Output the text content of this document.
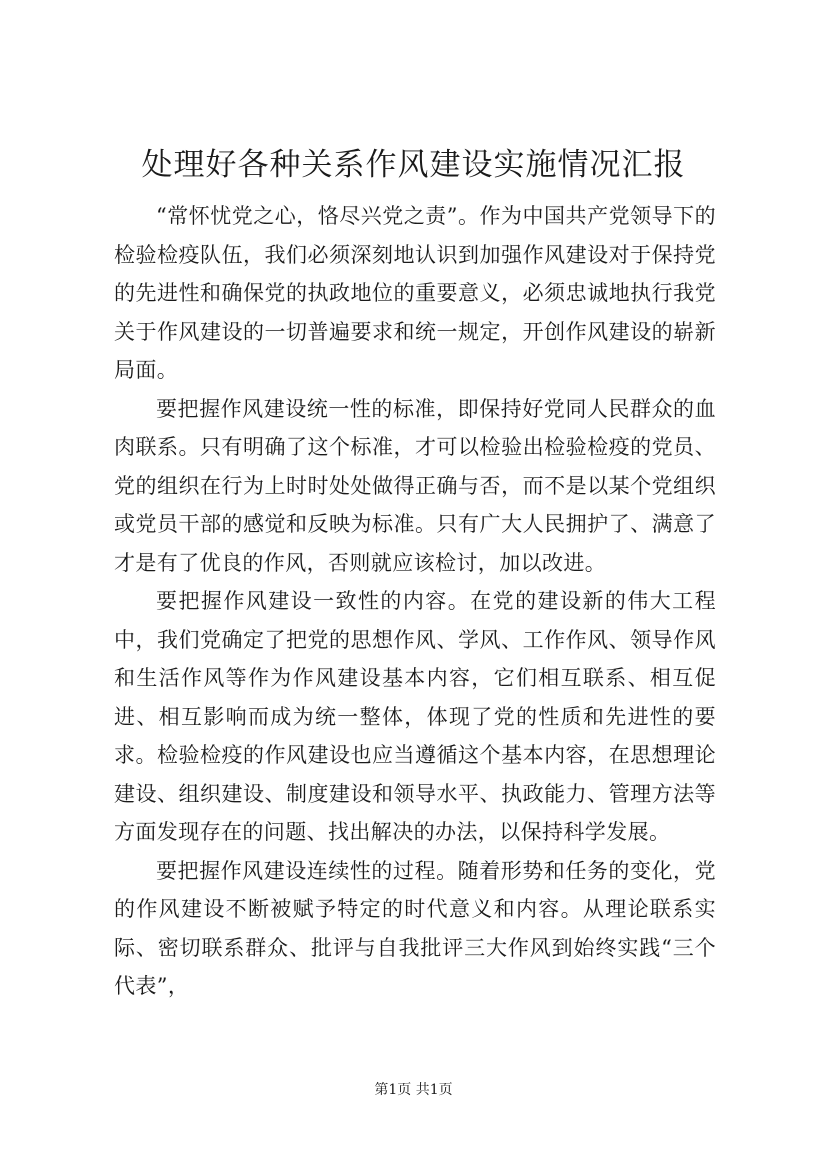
处理好各种关系作风建设实施情况汇报

“常怀忧党之心，恪尽兴党之责”。作为中国共产党领导下的检验检疫队伍，我们必须深刻地认识到加强作风建设对于保持党的先进性和确保党的执政地位的重要意义，必须忠诚地执行我党关于作风建设的一切普遍要求和统一规定，开创作风建设的崭新局面。

要把握作风建设统一性的标准，即保持好党同人民群众的血肉联系。只有明确了这个标准，才可以检验出检验检疫的党员、党的组织在行为上时时处处做得正确与否，而不是以某个党组织或党员干部的感觉和反映为标准。只有广大人民拥护了、满意了才是有了优良的作风，否则就应该检讨，加以改进。

要把握作风建设一致性的内容。在党的建设新的伟大工程中，我们党确定了把党的思想作风、学风、工作作风、领导作风和生活作风等作为作风建设基本内容，它们相互联系、相互促进、相互影响而成为统一整体，体现了党的性质和先进性的要求。检验检疫的作风建设也应当遵循这个基本内容，在思想理论建设、组织建设、制度建设和领导水平、执政能力、管理方法等方面发现存在的问题、找出解决的办法，以保持科学发展。

要把握作风建设连续性的过程。随着形势和任务的变化，党的作风建设不断被赋予特定的时代意义和内容。从理论联系实际、密切联系群众、批评与自我批评三大作风到始终实践“三个代表”，

第1页 共1页
